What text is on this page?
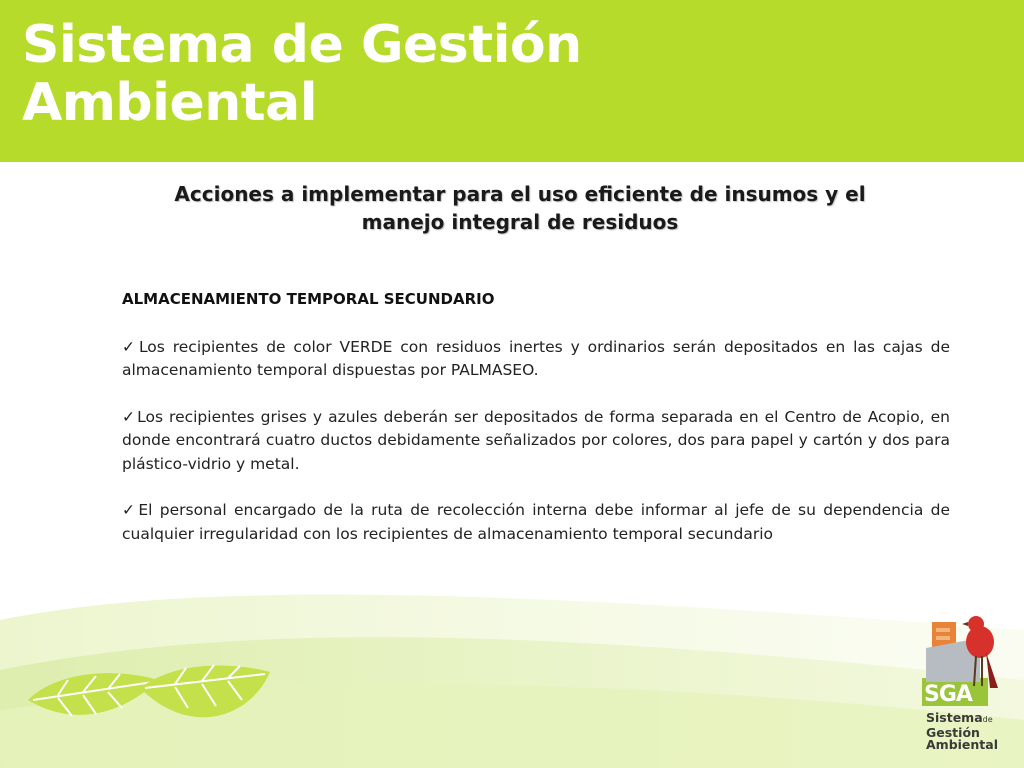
Sistema de Gestión
Ambiental
Acciones a implementar para el uso eficiente de insumos y el
manejo integral de residuos

ALMACENAMIENTO TEMPORAL SECUNDARIO

✓Los recipientes de color VERDE con residuos inertes y ordinarios serán depositados en las cajas de almacenamiento temporal dispuestas por PALMASEO.

✓Los recipientes grises y azules deberán ser depositados de forma separada en el Centro de Acopio, en donde encontrará cuatro ductos debidamente señalizados por colores, dos para papel y cartón y dos para plástico-vidrio y metal.

✓El personal encargado de la ruta de recolección interna debe informar al jefe de su dependencia de cualquier irregularidad con los recipientes de almacenamiento temporal secundario

SGA
Sistemade
Gestión
Ambiental
